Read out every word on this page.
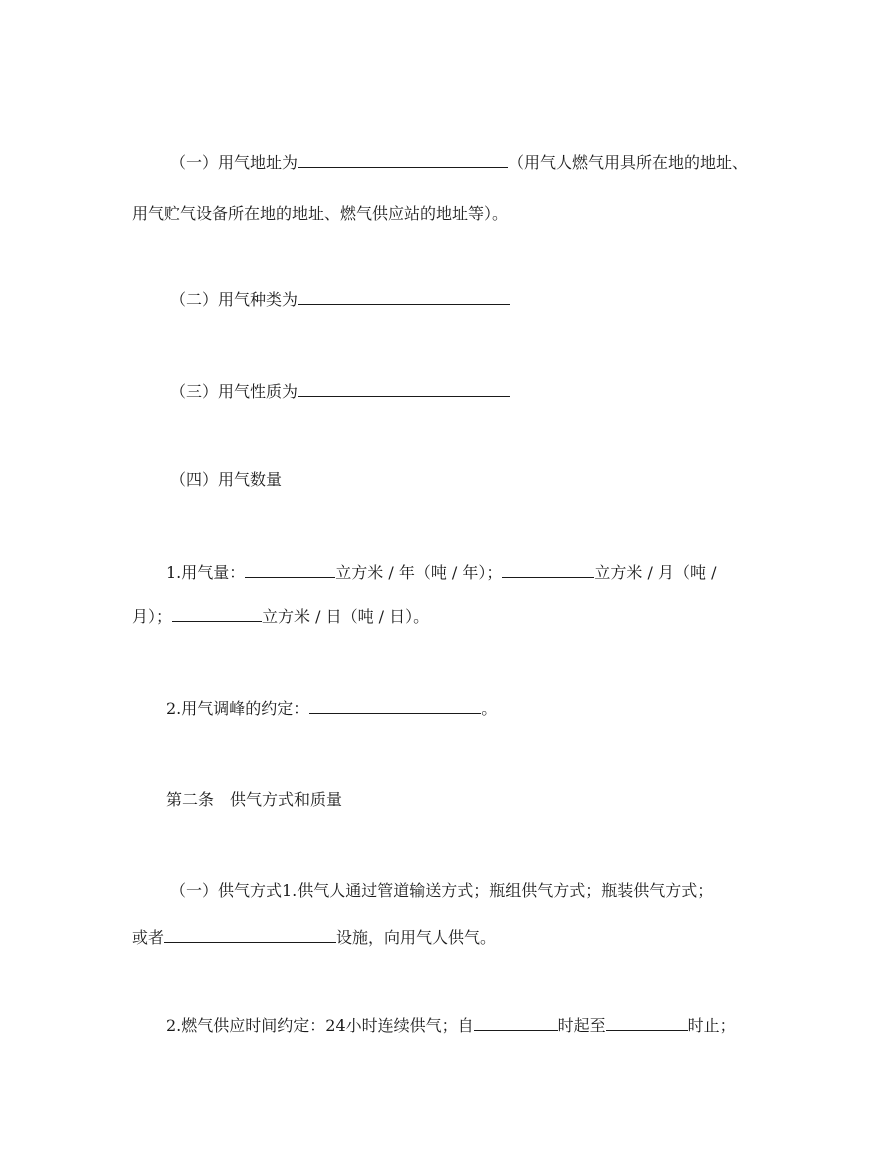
（一）用气地址为	（用气人燃气用具所在地的地址、
用气贮气设备所在地的地址、燃气供应站的地址等）。
（二）用气种类为
（三）用气性质为
（四）用气数量
1.用气量：	立方米 / 年（吨 / 年）；	立方米 / 月（吨 /
月）；	立方米 / 日（吨 / 日）。
2.用气调峰的约定：	。
第二条　供气方式和质量
（一）供气方式1.供气人通过管道输送方式；瓶组供气方式；瓶装供气方式；
或者	设施，向用气人供气。
2.燃气供应时间约定：24小时连续供气；自	时起至	时止；
